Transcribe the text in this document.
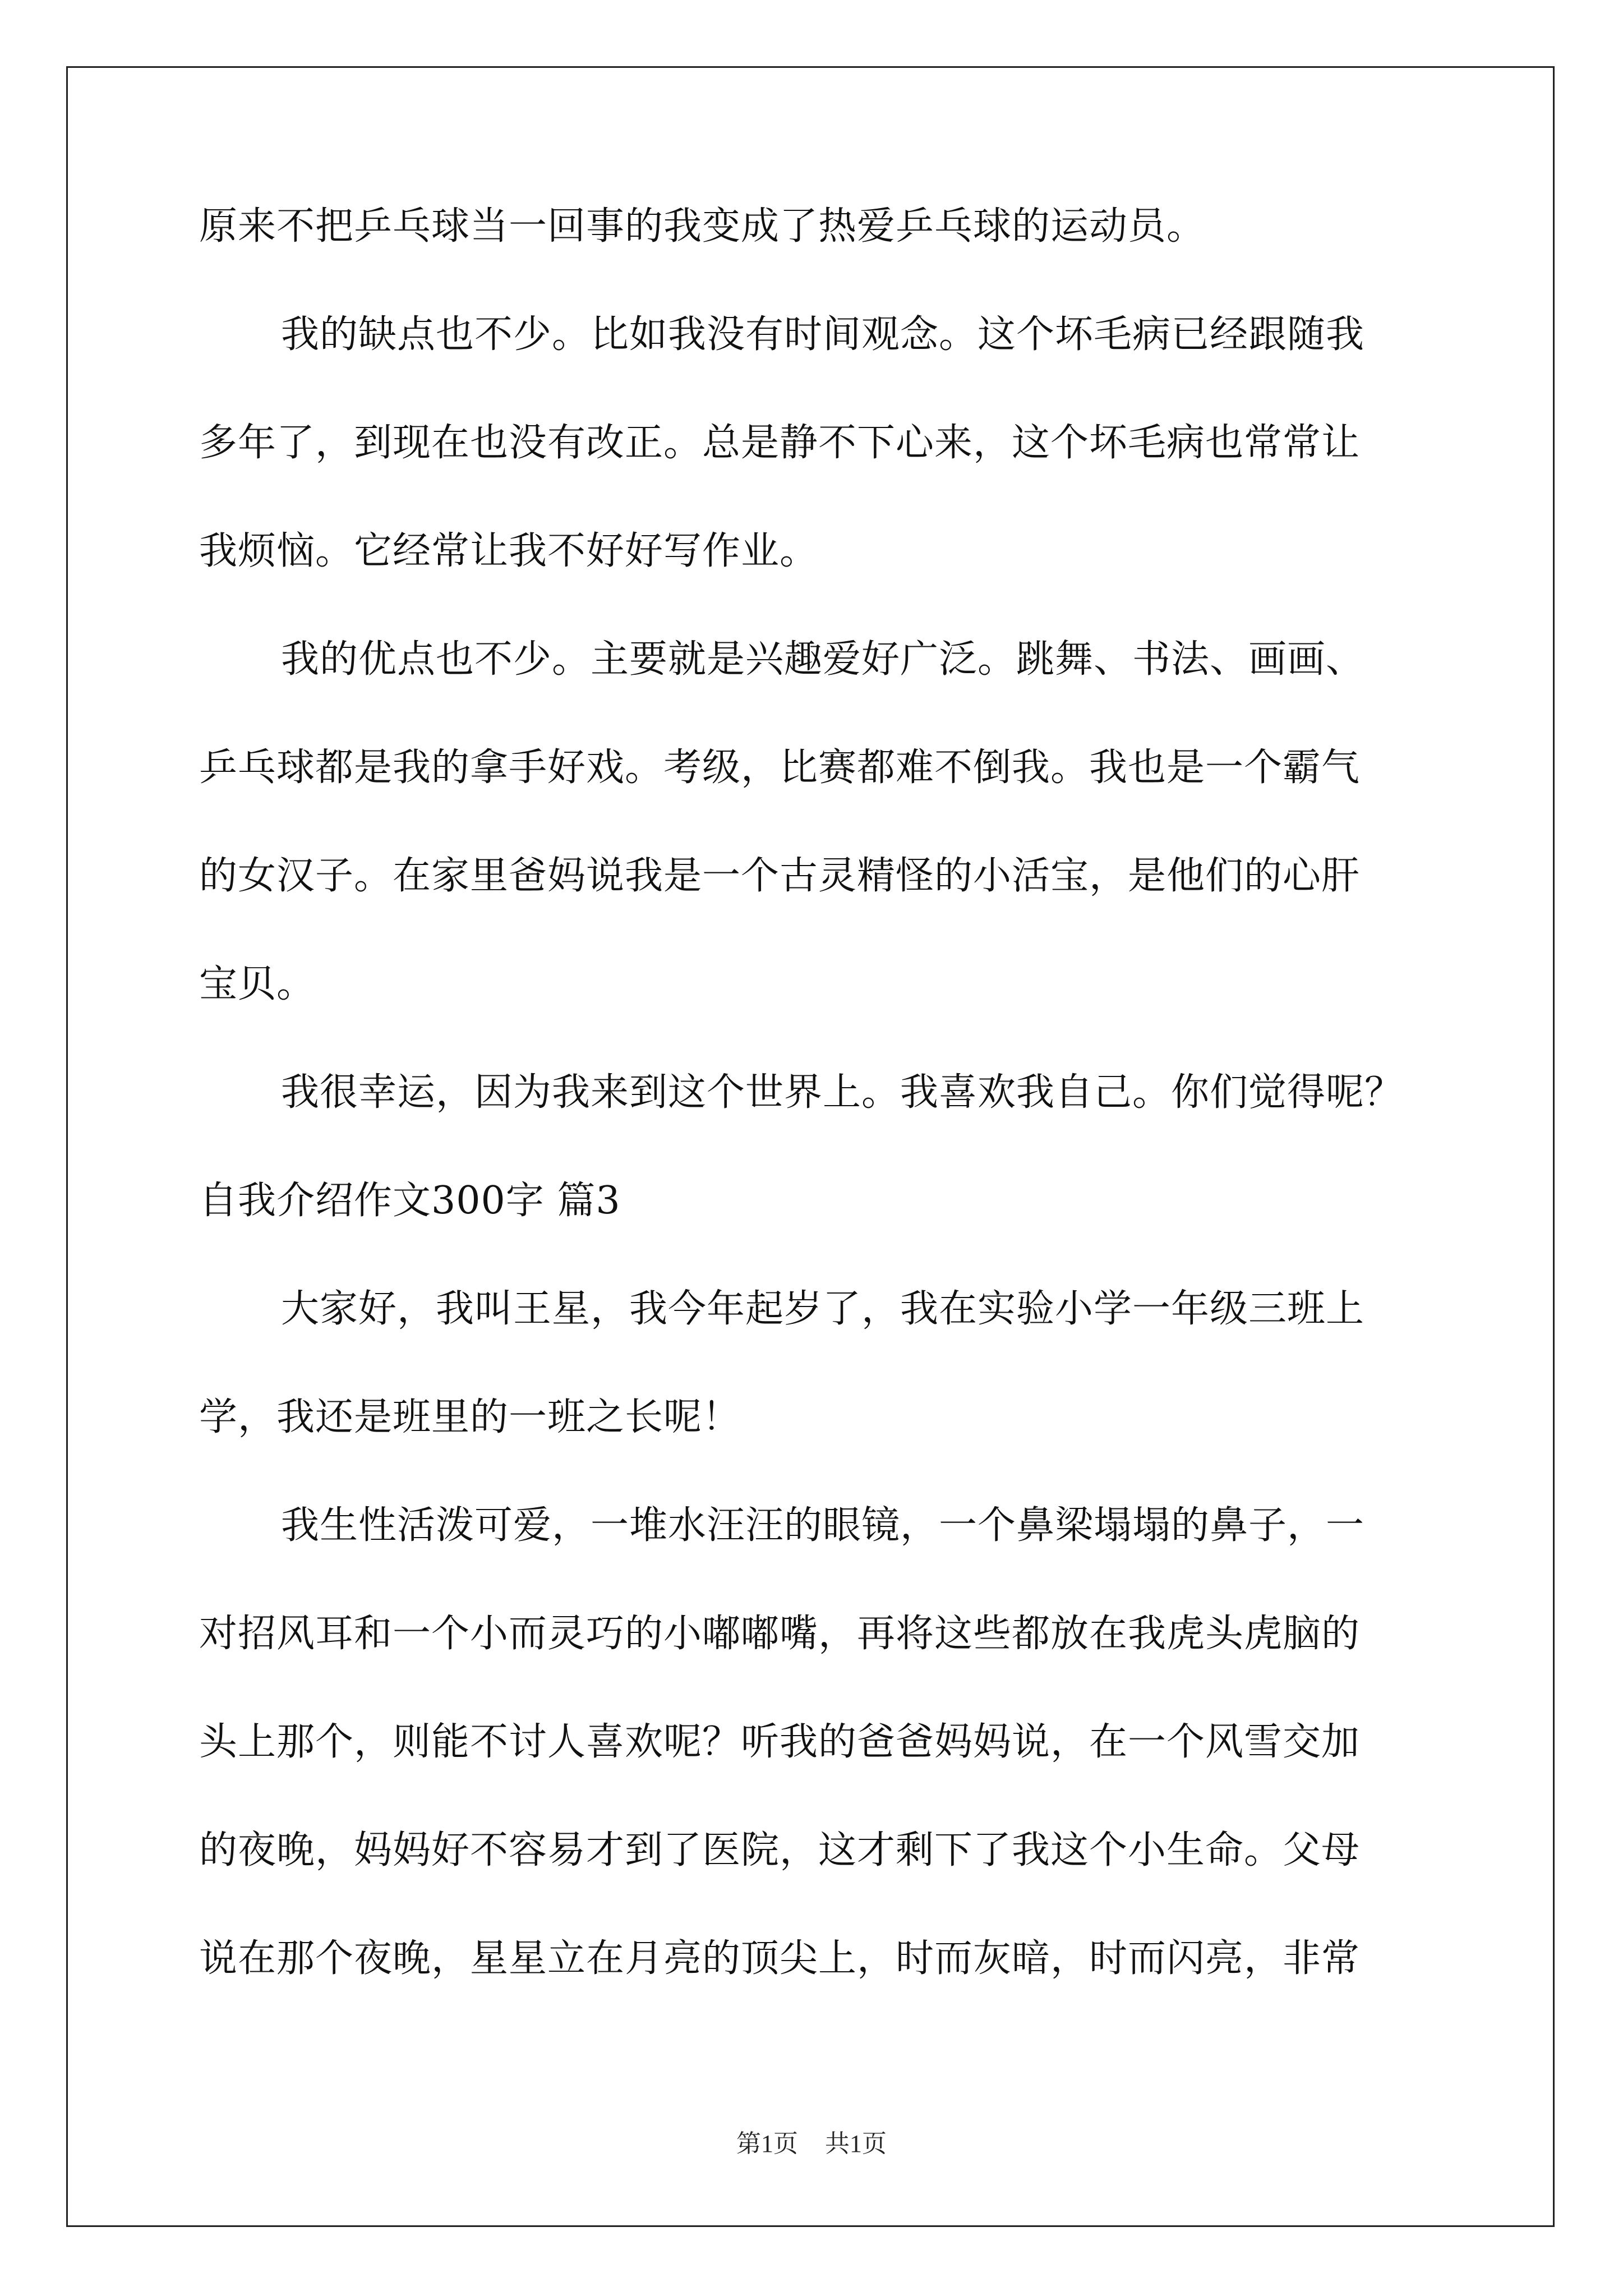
原来不把乒乓球当一回事的我变成了热爱乒乓球的运动员。
我的缺点也不少。比如我没有时间观念。这个坏毛病已经跟随我
多年了，到现在也没有改正。总是静不下心来，这个坏毛病也常常让
我烦恼。它经常让我不好好写作业。
我的优点也不少。主要就是兴趣爱好广泛。跳舞、书法、画画、
乒乓球都是我的拿手好戏。考级，比赛都难不倒我。我也是一个霸气
的女汉子。在家里爸妈说我是一个古灵精怪的小活宝，是他们的心肝
宝贝。
我很幸运，因为我来到这个世界上。我喜欢我自己。你们觉得呢？
自我介绍作文300字 篇3
大家好，我叫王星，我今年起岁了，我在实验小学一年级三班上
学，我还是班里的一班之长呢！
我生性活泼可爱，一堆水汪汪的眼镜，一个鼻梁塌塌的鼻子，一
对招风耳和一个小而灵巧的小嘟嘟嘴，再将这些都放在我虎头虎脑的
头上那个，则能不讨人喜欢呢？听我的爸爸妈妈说，在一个风雪交加
的夜晚，妈妈好不容易才到了医院，这才剩下了我这个小生命。父母
说在那个夜晚，星星立在月亮的顶尖上，时而灰暗，时而闪亮，非常
第1页 共1页
